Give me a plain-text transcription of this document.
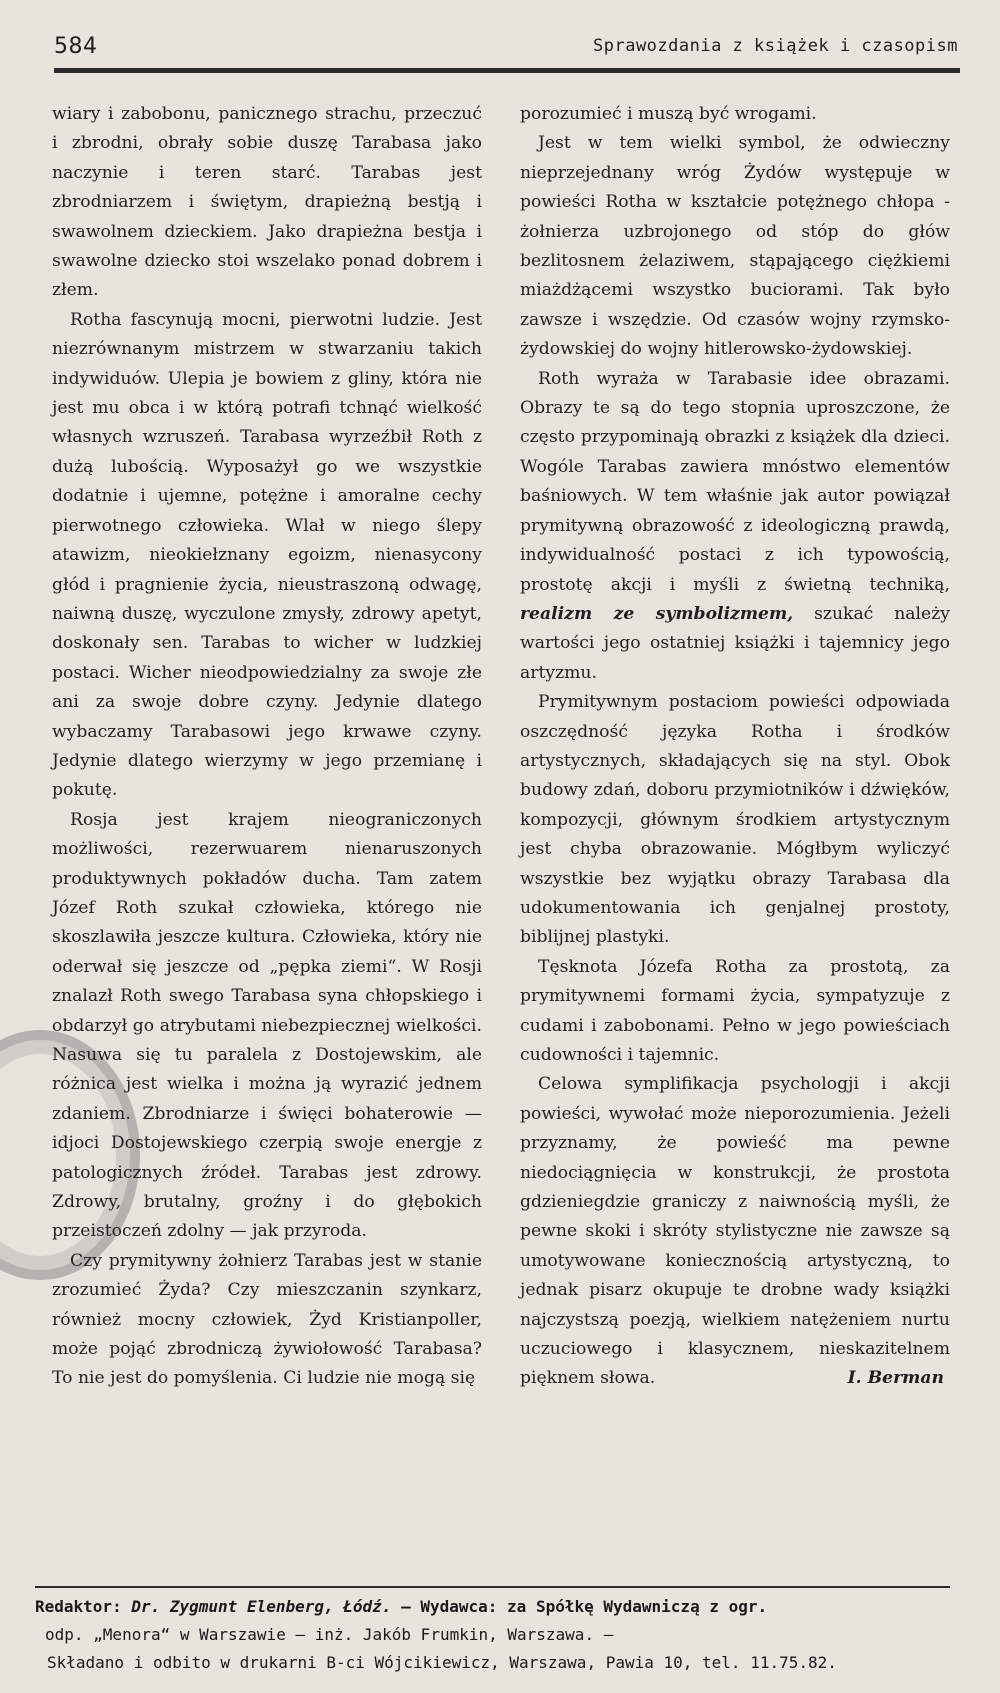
584	Sprawozdania z książek i czasopism

wiary i zabobonu, panicznego strachu, przeczuć i zbrodni, obrały sobie duszę Tarabasa jako naczynie i teren starć. Tarabas jest zbrodniarzem i świętym, drapieżną bestją i swawolnem dzieckiem. Jako drapieżna bestja i swawolne dziecko stoi wszelako ponad dobrem i złem.

Rotha fascynują mocni, pierwotni ludzie. Jest niezrównanym mistrzem w stwarzaniu takich indywiduów. Ulepia je bowiem z gliny, która nie jest mu obca i w którą potrafi tchnąć wielkość własnych wzruszeń. Tarabasa wyrzeźbił Roth z dużą lubością. Wyposażył go we wszystkie dodatnie i ujemne, potężne i amoralne cechy pierwotnego człowieka. Wlał w niego ślepy atawizm, nieokiełznany egoizm, nienasycony głód i pragnienie życia, nieustraszoną odwagę, naiwną duszę, wyczulone zmysły, zdrowy apetyt, doskonały sen. Tarabas to wicher w ludzkiej postaci. Wicher nieodpowiedzialny za swoje złe ani za swoje dobre czyny. Jedynie dlatego wybaczamy Tarabasowi jego krwawe czyny. Jedynie dlatego wierzymy w jego przemianę i pokutę.

Rosja jest krajem nieograniczonych możliwości, rezerwuarem nienaruszonych produktywnych pokładów ducha. Tam zatem Józef Roth szukał człowieka, którego nie skoszlawiła jeszcze kultura. Człowieka, który nie oderwał się jeszcze od „pępka ziemi“. W Rosji znalazł Roth swego Tarabasa syna chłopskiego i obdarzył go atrybutami niebezpiecznej wielkości. Nasuwa się tu paralela z Dostojewskim, ale różnica jest wielka i można ją wyrazić jednem zdaniem. Zbrodniarze i święci bohaterowie — idjoci Dostojewskiego czerpią swoje energje z patologicznych źródeł. Tarabas jest zdrowy. Zdrowy, brutalny, groźny i do głębokich przeistoczeń zdolny — jak przyroda.

Czy prymitywny żołnierz Tarabas jest w stanie zrozumieć Żyda? Czy mieszczanin szynkarz, również mocny człowiek, Żyd Kristianpoller, może pojąć zbrodniczą żywiołowość Tarabasa? To nie jest do pomyślenia. Ci ludzie nie mogą się

porozumieć i muszą być wrogami.

Jest w tem wielki symbol, że odwieczny nieprzejednany wróg Żydów występuje w powieści Rotha w kształcie potężnego chłopa - żołnierza uzbrojonego od stóp do głów bezlitosnem żelaziwem, stąpającego ciężkiemi miażdżącemi wszystko buciorami. Tak było zawsze i wszędzie. Od czasów wojny rzymsko-żydowskiej do wojny hitlerowsko-żydowskiej.

Roth wyraża w Tarabasie idee obrazami. Obrazy te są do tego stopnia uproszczone, że często przypominają obrazki z książek dla dzieci. Wogóle Tarabas zawiera mnóstwo elementów baśniowych. W tem właśnie jak autor powiązał prymitywną obrazowość z ideologiczną prawdą, indywidualność postaci z ich typowością, prostotę akcji i myśli z świetną techniką, realizm ze symbolizmem, szukać należy wartości jego ostatniej książki i tajemnicy jego artyzmu.

Prymitywnym postaciom powieści odpowiada oszczędność języka Rotha i środków artystycznych, składających się na styl. Obok budowy zdań, doboru przymiotników i dźwięków, kompozycji, głównym środkiem artystycznym jest chyba obrazowanie. Mógłbym wyliczyć wszystkie bez wyjątku obrazy Tarabasa dla udokumentowania ich genjalnej prostoty, biblijnej plastyki.

Tęsknota Józefa Rotha za prostotą, za prymitywnemi formami życia, sympatyzuje z cudami i zabobonami. Pełno w jego powieściach cudowności i tajemnic.

Celowa symplifikacja psychologji i akcji powieści, wywołać może nieporozumienia. Jeżeli przyznamy, że powieść ma pewne niedociągnięcia w konstrukcji, że prostota gdzieniegdzie graniczy z naiwnością myśli, że pewne skoki i skróty stylistyczne nie zawsze są umotywowane koniecznością artystyczną, to jednak pisarz okupuje te drobne wady książki najczystszą poezją, wielkiem natężeniem nurtu uczuciowego i klasycznem, nieskazitelnem pięknem słowa.	I. Berman
Redaktor: Dr. Zygmunt Elenberg, Łódź. — Wydawca: za Spółkę Wydawniczą z ogr.
odp. „Menora“ w Warszawie — inż. Jakób Frumkin, Warszawa. —
Składano i odbito w drukarni B-ci Wójcikiewicz, Warszawa, Pawia 10, tel. 11.75.82.
